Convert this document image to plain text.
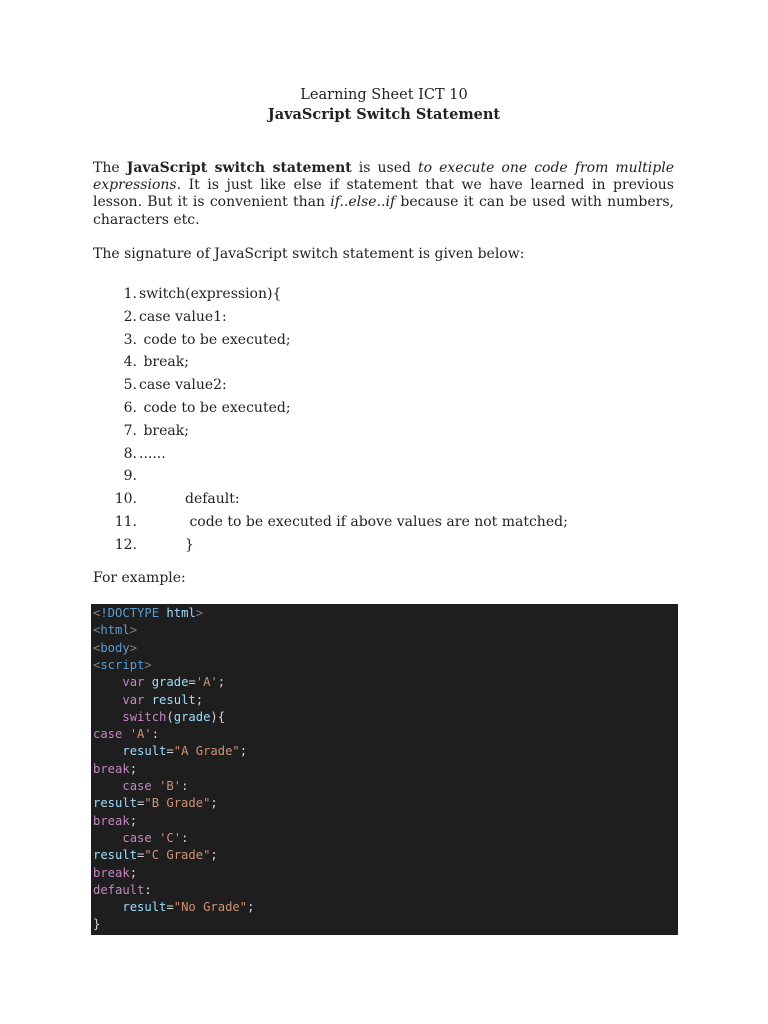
Learning Sheet ICT 10
JavaScript Switch Statement
The JavaScript switch statement is used to execute one code from multiple expressions. It is just like else if statement that we have learned in previous lesson. But it is convenient than if..else..if because it can be used with numbers, characters etc.
The signature of JavaScript switch statement is given below:
1. switch(expression){
2. case value1:
3. code to be executed;
4. break;
5. case value2:
6. code to be executed;
7. break;
8. ......
9.
10.	default:
11.	code to be executed if above values are not matched;
12.	}
For example:
<!DOCTYPE html>
<html>
<body>
<script>
var grade='A';
var result;
switch(grade){
case 'A':
result="A Grade";
break;
case 'B':
result="B Grade";
break;
case 'C':
result="C Grade";
break;
default:
result="No Grade";
}
